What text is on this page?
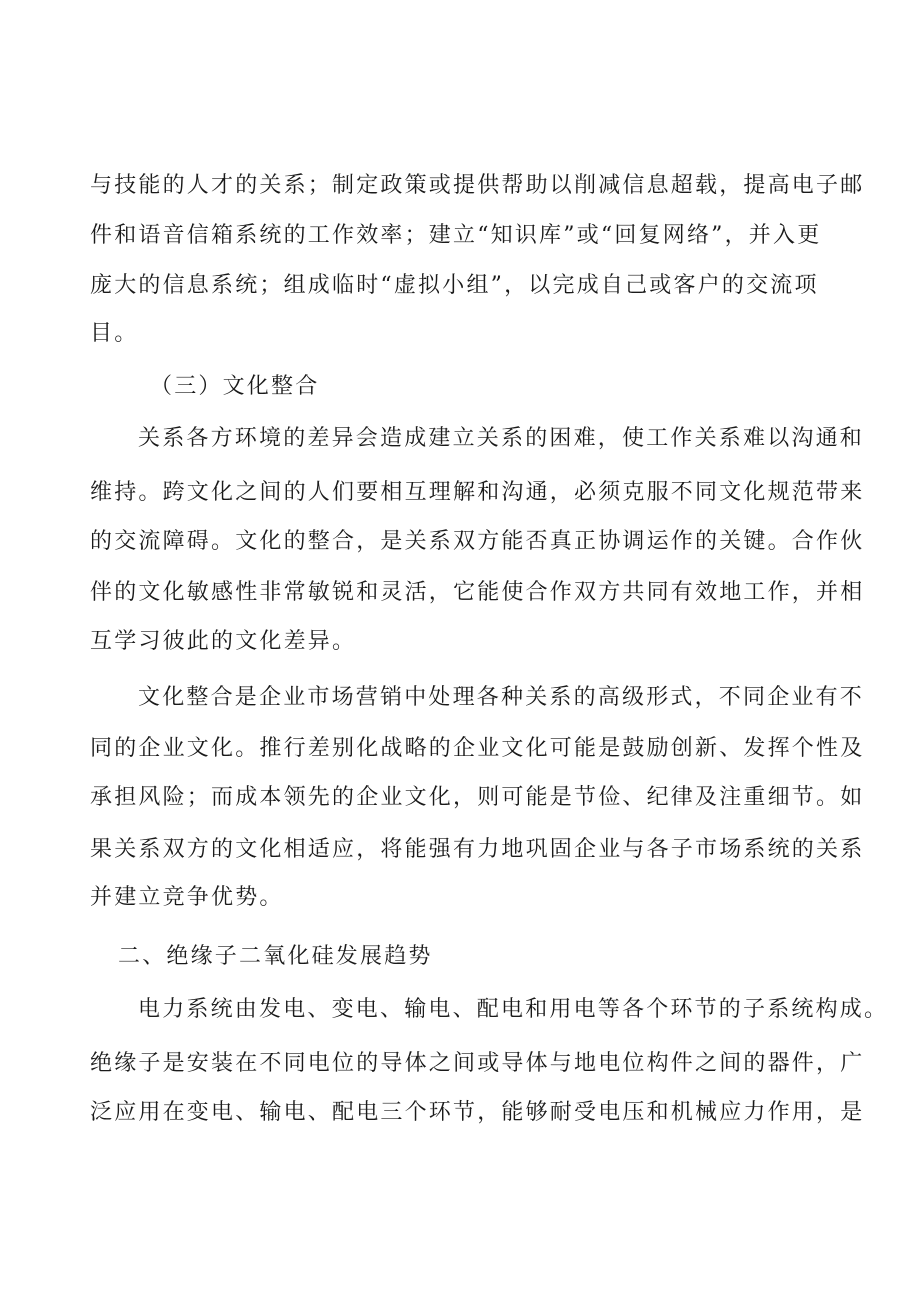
与技能的人才的关系；制定政策或提供帮助以削减信息超载，提高电子邮
件和语音信箱系统的工作效率；建立“知识库”或“回复网络”，并入更
庞大的信息系统；组成临时“虚拟小组”，以完成自己或客户的交流项
目。
（三）文化整合
关系各方环境的差异会造成建立关系的困难，使工作关系难以沟通和
维持。跨文化之间的人们要相互理解和沟通，必须克服不同文化规范带来
的交流障碍。文化的整合，是关系双方能否真正协调运作的关键。合作伙
伴的文化敏感性非常敏锐和灵活，它能使合作双方共同有效地工作，并相
互学习彼此的文化差异。
文化整合是企业市场营销中处理各种关系的高级形式，不同企业有不
同的企业文化。推行差别化战略的企业文化可能是鼓励创新、发挥个性及
承担风险；而成本领先的企业文化，则可能是节俭、纪律及注重细节。如
果关系双方的文化相适应，将能强有力地巩固企业与各子市场系统的关系
并建立竞争优势。
二、绝缘子二氧化硅发展趋势
电力系统由发电、变电、输电、配电和用电等各个环节的子系统构成。
绝缘子是安装在不同电位的导体之间或导体与地电位构件之间的器件，广
泛应用在变电、输电、配电三个环节，能够耐受电压和机械应力作用，是
